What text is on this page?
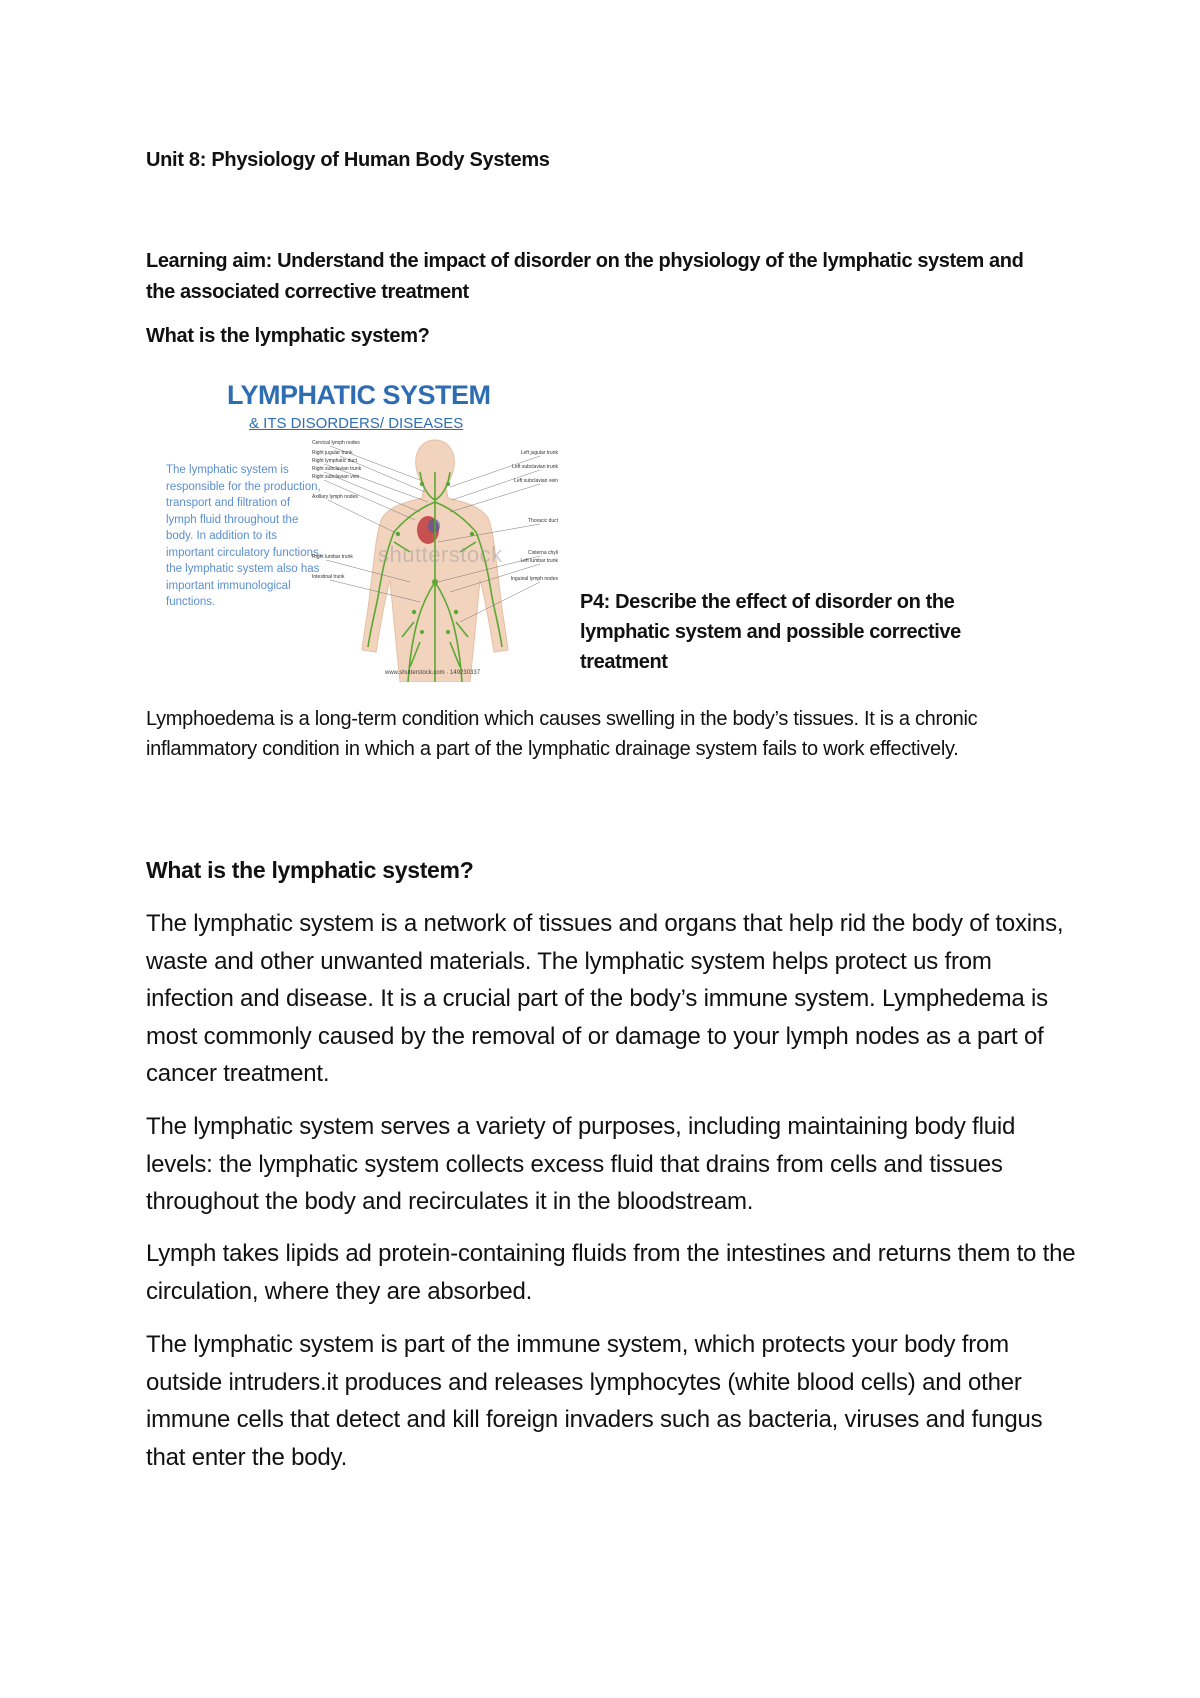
Unit 8: Physiology of Human Body Systems
Learning aim: Understand the impact of disorder on the physiology of the lymphatic system and the associated corrective treatment
What is the lymphatic system?
LYMPHATIC SYSTEM
& ITS DISORDERS/ DISEASES
The lymphatic system is responsible for the production, transport and filtration of lymph fluid throughout the body. In addition to its important circulatory functions, the lymphatic system also has important immunological functions.
Cervical lymph nodes
Right jugular trunk
Right lymphatic duct
Right subclavian trunk
Right subclavian vein
Axillary lymph nodes
Right lumbar trunk
Intestinal trunk
Left jugular trunk
Left subclavian trunk
Left subclavian vein
Thoracic duct
Cisterna chyli
Left lumbar trunk
Inguinal lymph nodes
shutterstock
www.shutterstock.com · 149230337
P4: Describe the effect of disorder on the lymphatic system and possible corrective treatment
Lymphoedema is a long-term condition which causes swelling in the body’s tissues. It is a chronic inflammatory condition in which a part of the lymphatic drainage system fails to work effectively.
What is the lymphatic system?

The lymphatic system is a network of tissues and organs that help rid the body of toxins, waste and other unwanted materials. The lymphatic system helps protect us from infection and disease. It is a crucial part of the body’s immune system. Lymphedema is most commonly caused by the removal of or damage to your lymph nodes as a part of cancer treatment.

The lymphatic system serves a variety of purposes, including maintaining body fluid levels: the lymphatic system collects excess fluid that drains from cells and tissues throughout the body and recirculates it in the bloodstream.

Lymph takes lipids ad protein-containing fluids from the intestines and returns them to the circulation, where they are absorbed.

The lymphatic system is part of the immune system, which protects your body from outside intruders.it produces and releases lymphocytes (white blood cells) and other immune cells that detect and kill foreign invaders such as bacteria, viruses and fungus that enter the body.
